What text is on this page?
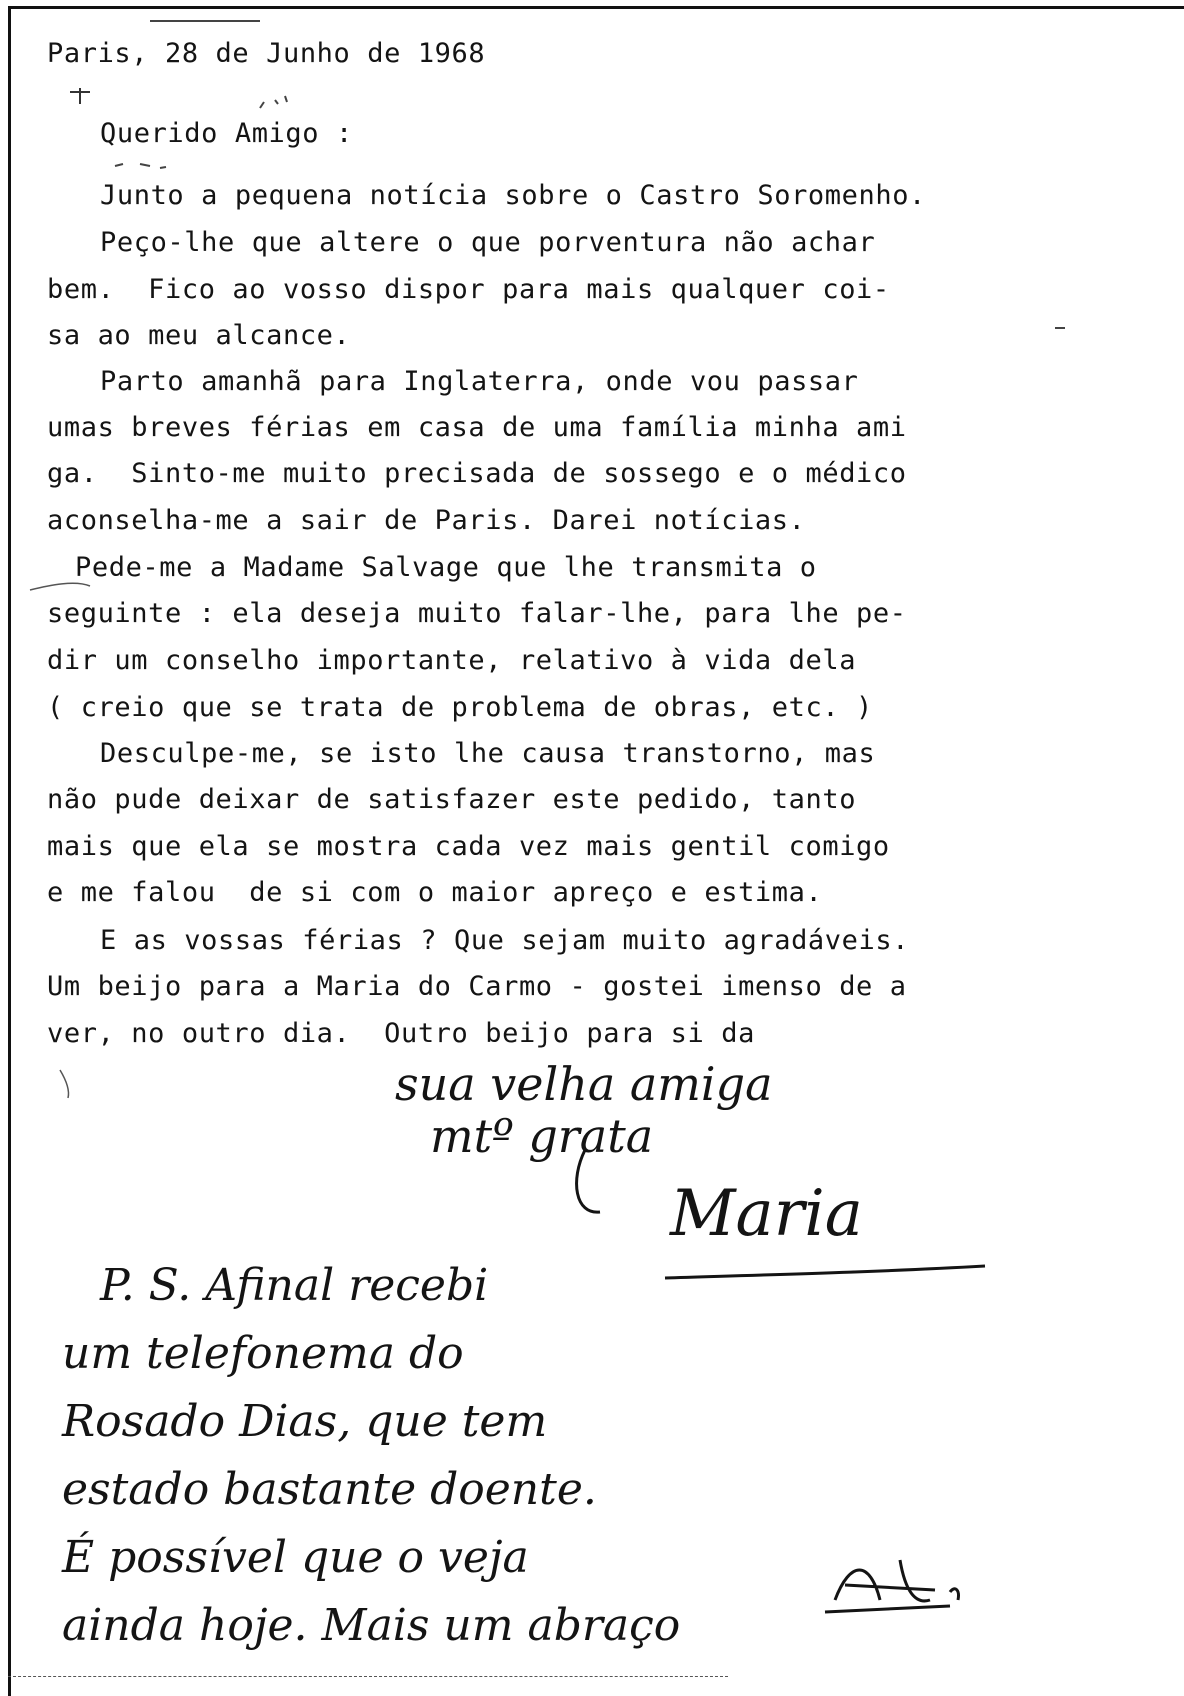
Paris, 28 de Junho de 1968
Querido Amigo :
Junto a pequena notícia sobre o Castro Soromenho.
Peço-lhe que altere o que porventura não achar
bem.  Fico ao vosso dispor para mais qualquer coi-
sa ao meu alcance.
Parto amanhã para Inglaterra, onde vou passar
umas breves férias em casa de uma família minha ami
ga.  Sinto-me muito precisada de sossego e o médico
aconselha-me a sair de Paris. Darei notícias.
Pede-me a Madame Salvage que lhe transmita o
seguinte : ela deseja muito falar-lhe, para lhe pe-
dir um conselho importante, relativo à vida dela
( creio que se trata de problema de obras, etc. )
Desculpe-me, se isto lhe causa transtorno, mas
não pude deixar de satisfazer este pedido, tanto
mais que ela se mostra cada vez mais gentil comigo
e me falou  de si com o maior apreço e estima.
E as vossas férias ? Que sejam muito agradáveis.
Um beijo para a Maria do Carmo - gostei imenso de a
ver, no outro dia.  Outro beijo para si da
sua velha amiga
mtº grata
Maria
P. S. Afinal recebi
um telefonema do
Rosado Dias, que tem
estado bastante doente.
É possível que o veja
ainda hoje. Mais um abraço
